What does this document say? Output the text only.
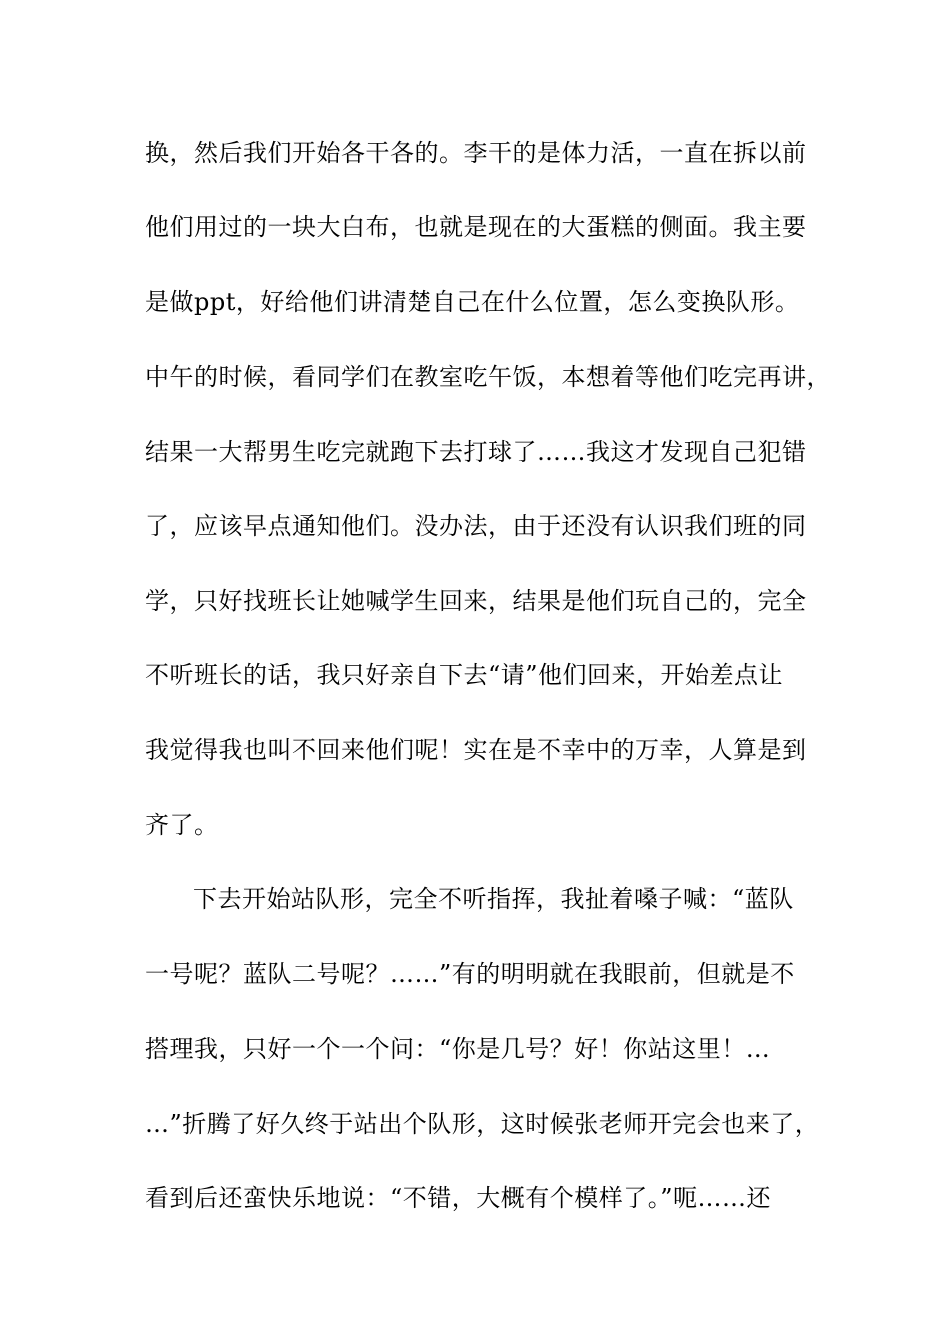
换，然后我们开始各干各的。李干的是体力活，一直在拆以前
他们用过的一块大白布，也就是现在的大蛋糕的侧面。我主要
是做ppt，好给他们讲清楚自己在什么位置，怎么变换队形。
中午的时候，看同学们在教室吃午饭，本想着等他们吃完再讲，
结果一大帮男生吃完就跑下去打球了……我这才发现自己犯错
了，应该早点通知他们。没办法，由于还没有认识我们班的同
学，只好找班长让她喊学生回来，结果是他们玩自己的，完全
不听班长的话，我只好亲自下去“请”他们回来，开始差点让
我觉得我也叫不回来他们呢！实在是不幸中的万幸，人算是到
齐了。
下去开始站队形，完全不听指挥，我扯着嗓子喊：“蓝队
一号呢？蓝队二号呢？……”有的明明就在我眼前，但就是不
搭理我，只好一个一个问：“你是几号？好！你站这里！…
…”折腾了好久终于站出个队形，这时候张老师开完会也来了，
看到后还蛮快乐地说：“不错，大概有个模样了。”呃……还
